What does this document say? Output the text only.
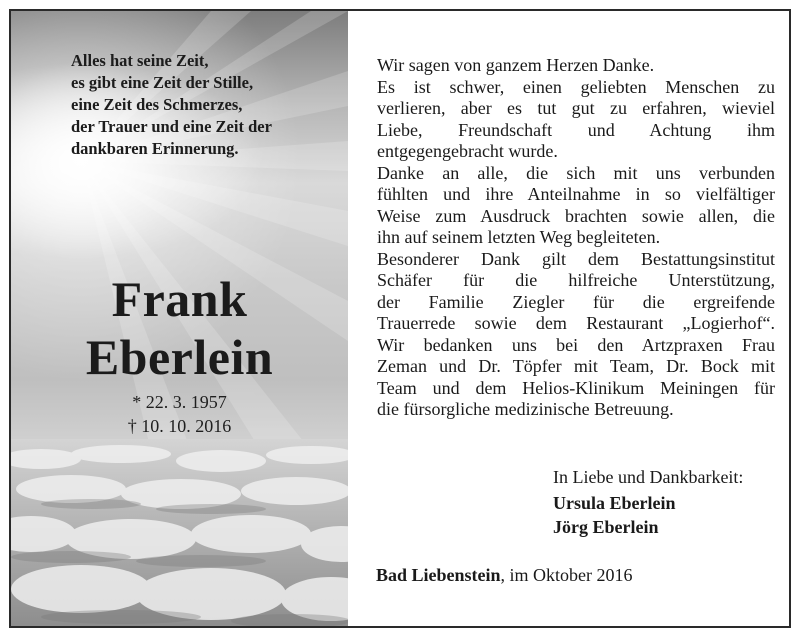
Alles hat seine Zeit,
es gibt eine Zeit der Stille,
eine Zeit des Schmerzes,
der Trauer und eine Zeit der
dankbaren Erinnerung.
Frank
Eberlein
* 22. 3. 1957
† 10. 10. 2016

Wir sagen von ganzem Herzen Danke.

Es ist schwer, einen geliebten Menschen zu
verlieren, aber es tut gut zu erfahren, wieviel
Liebe, Freundschaft und Achtung ihm
entgegengebracht wurde.

Danke an alle, die sich mit uns verbunden
fühlten und ihre Anteilnahme in so vielfältiger
Weise zum Ausdruck brachten sowie allen, die
ihn auf seinem letzten Weg begleiteten.

Besonderer Dank gilt dem Bestattungsinstitut
Schäfer für die hilfreiche Unterstützung,
der Familie Ziegler für die ergreifende
Trauerrede sowie dem Restaurant „Logierhof“.
Wir bedanken uns bei den Artzpraxen Frau
Zeman und Dr. Töpfer mit Team, Dr. Bock mit
Team und dem Helios-Klinikum Meiningen für
die fürsorgliche medizinische Betreuung.

In Liebe und Dankbarkeit:
Ursula Eberlein
Jörg Eberlein
Bad Liebenstein, im Oktober 2016
